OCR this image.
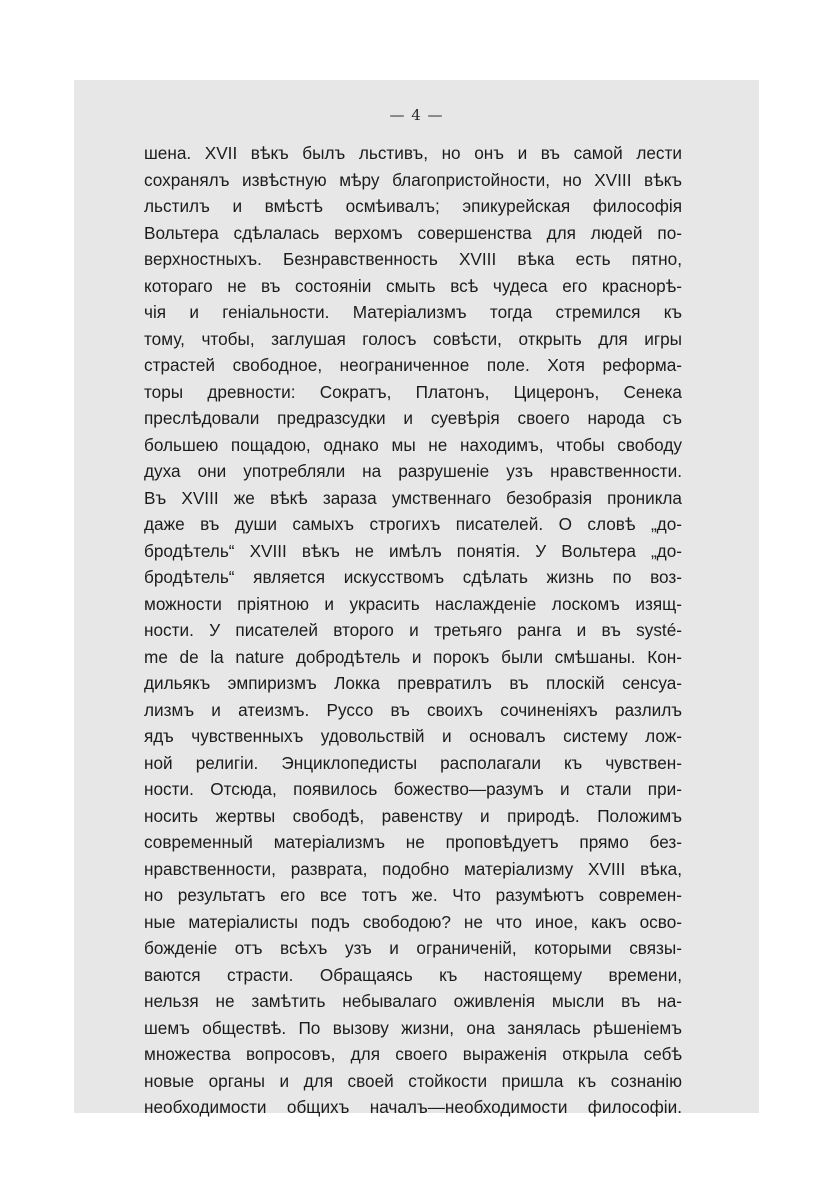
— 4 —
шена. XVII вѣкъ былъ льстивъ, но онъ и въ самой лести
сохранялъ извѣстную мѣру благопристойности, но XVIII вѣкъ
льстилъ и вмѣстѣ осмѣивалъ; эпикурейская философія
Вольтера сдѣлалась верхомъ совершенства для людей по-
верхностныхъ. Безнравственность XVIII вѣка есть пятно,
котораго не въ состояніи смыть всѣ чудеса его краснорѣ-
чія и геніальности. Матеріализмъ тогда стремился къ
тому, чтобы, заглушая голосъ совѣсти, открыть для игры
страстей свободное, неограниченное поле. Хотя реформа-
торы древности: Сократъ, Платонъ, Цицеронъ, Сенека
преслѣдовали предразсудки и суевѣрія своего народа съ
большею пощадою, однако мы не находимъ, чтобы свободу
духа они употребляли на разрушеніе узъ нравственности.
Въ XVIII же вѣкѣ зараза умственнаго безобразія проникла
даже въ души самыхъ строгихъ писателей. О словѣ „до-
бродѣтель“ XVIII вѣкъ не имѣлъ понятія. У Вольтера „до-
бродѣтель“ является искусствомъ сдѣлать жизнь по воз-
можности пріятною и украсить наслажденіе лоскомъ изящ-
ности. У писателей второго и третьяго ранга и въ systé-
me de la nature добродѣтель и порокъ были смѣшаны. Кон-
дильякъ эмпиризмъ Локка превратилъ въ плоскій сенсуа-
лизмъ и атеизмъ. Руссо въ своихъ сочиненіяхъ разлилъ
ядъ чувственныхъ удовольствій и основалъ систему лож-
ной религіи. Энциклопедисты располагали къ чувствен-
ности. Отсюда, появилось божество—разумъ и стали при-
носить жертвы свободѣ, равенству и природѣ. Положимъ
современный матеріализмъ не проповѣдуетъ прямо без-
нравственности, разврата, подобно матеріализму XVIII вѣка,
но результатъ его все тотъ же. Что разумѣютъ современ-
ные матеріалисты подъ свободою? не что иное, какъ осво-
божденіе отъ всѣхъ узъ и ограниченій, которыми связы-
ваются страсти. Обращаясь къ настоящему времени,
нельзя не замѣтить небывалаго оживленія мысли въ на-
шемъ обществѣ. По вызову жизни, она занялась рѣшеніемъ
множества вопросовъ, для своего выраженія открыла себѣ
новые органы и для своей стойкости пришла къ сознанію
необходимости общихъ началъ—необходимости философіи.
